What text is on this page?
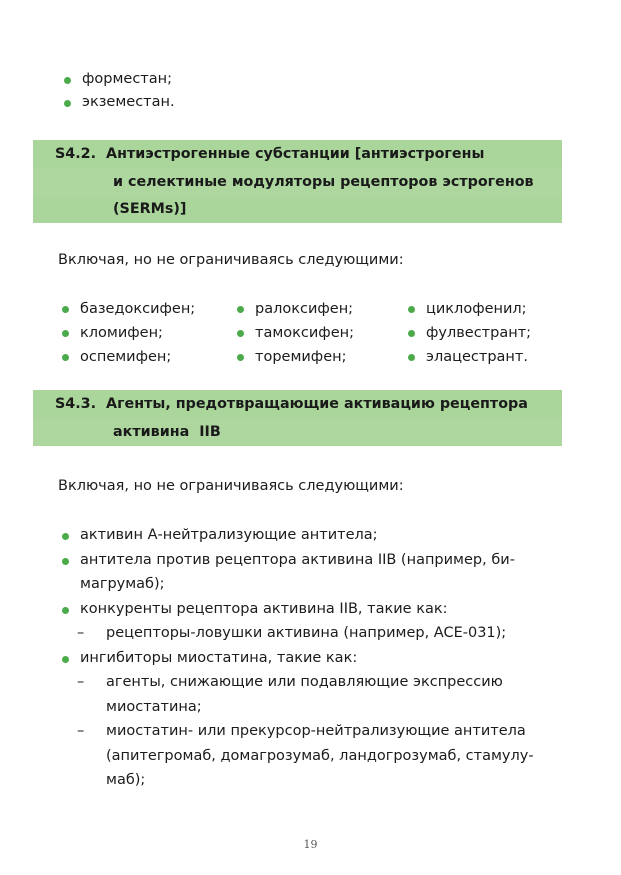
форместан;
экземестан.
S4.2.  Антиэстрогенные субстанции [антиэстрогены
и селектиные модуляторы рецепторов эстрогенов
(SERMs)]
Включая, но не ограничиваясь следующими:
базедоксифен;
кломифен;
оспемифен;
ралоксифен;
тамоксифен;
торемифен;
циклофенил;
фулвестрант;
элацестрант.
S4.3.  Агенты, предотвращающие активацию рецептора
активина  IIB
Включая, но не ограничиваясь следующими:
активин А-нейтрализующие антитела;
антитела против рецептора активина IIB (например, би-
магрумаб);
конкуренты рецептора активина IIB, такие как:
– рецепторы-ловушки активина (например, ACE-031);
ингибиторы миостатина, такие как:
– агенты, снижающие или подавляющие экспрессию
миостатина;
– миостатин- или прекурсор-нейтрализующие антитела
(апитегромаб, домагрозумаб, ландогрозумаб, стамулу-
маб);
19
